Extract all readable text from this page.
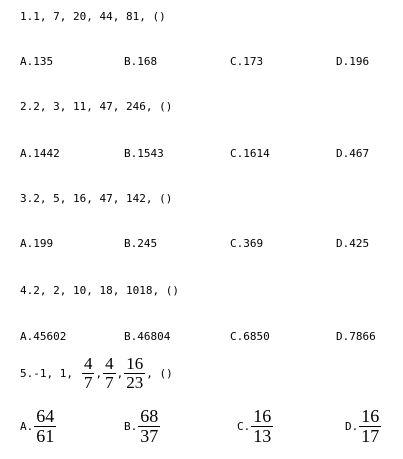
1.1, 7, 20, 44, 81, ()
A.135	B.168	C.173	D.196
2.2, 3, 11, 47, 246, ()
A.1442	B.1543	C.1614	D.467
3.2, 5, 16, 47, 142, ()
A.199	B.245	C.369	D.425
4.2, 2, 10, 18, 1018, ()
A.45602	B.46804	C.6850	D.7866
5.-1, 1, $\frac{4}{7}$ , $\frac{4}{7}$ , $\frac{16}{23}$ , ()
A. $\frac{64}{61}$	B. $\frac{68}{37}$	C. $\frac{16}{13}$	D. $\frac{16}{17}$
